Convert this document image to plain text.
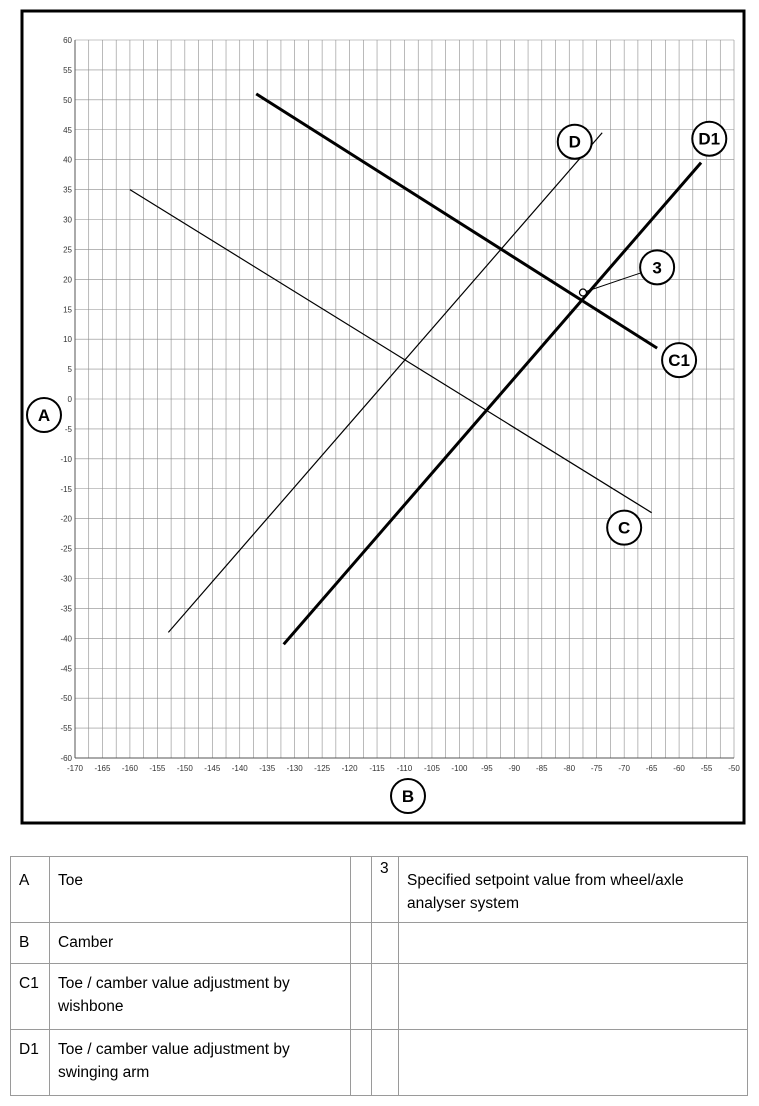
-170 -165 -160 -155 -150 -145 -140 -135 -130 -125 -120 -115 -110 -105 -100 -95 -90 -85 -80 -75 -70 -65 -60 -55 -50
60
55
50
45
40
35
30
25
20
15
10
5
0
-5
-10
-15
-20
-25
-30
-35
-40
-45
-50
-55
-60
3
C1
D1
D
C
A
B
A	Toe		3	Specified setpoint value from wheel/axle analyser system
B	Camber			
C1	Toe / camber value adjustment by wishbone			
D1	Toe / camber value adjustment by swinging arm			
